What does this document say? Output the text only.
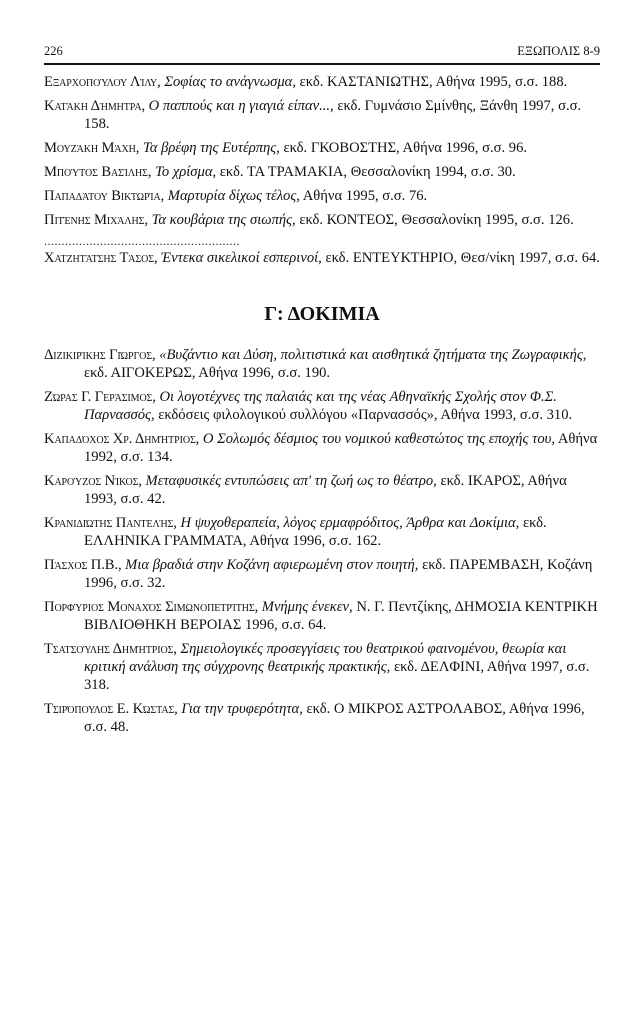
226	ΕΞΩΠΟΛΙΣ 8-9
Εξαρχοπούλου Λίλυ, Σοφίας το ανάγνωσμα, εκδ. ΚΑΣΤΑΝΙΩΤΗΣ, Αθήνα 1995, σ.σ. 188.
Κατάκη Δήμητρα, Ο παππούς και η γιαγιά είπαν..., εκδ. Γυμνάσιο Σμίνθης, Ξάνθη 1997, σ.σ. 158.
Μουζάκη Μάχη, Τα βρέφη της Ευτέρπης, εκδ. ΓΚΟΒΟΣΤΗΣ, Αθήνα 1996, σ.σ. 96.
Μπούτος Βασίλης, Το χρίσμα, εκδ. ΤΑ ΤΡΑΜΑΚΙΑ, Θεσσαλονίκη 1994, σ.σ. 30.
Παπαδάτου Βικτωρία, Μαρτυρία δίχως τέλος, Αθήνα 1995, σ.σ. 76.
Πιτένης Μιχάλης, Τα κουβάρια της σιωπής, εκδ. ΚΟΝΤΕΟΣ, Θεσσαλονίκη 1995, σ.σ. 126.
........................................................
Χατζητάτσης Τάσος, Έντεκα σικελικοί εσπερινοί, εκδ. ΕΝΤΕΥΚΤΗΡΙΟ, Θεσ/νίκη 1997, σ.σ. 64.
Γ: ΔΟΚΙΜΙΑ
Διζικιρίκης Γιώργος, «Βυζάντιο και Δύση, πολιτιστικά και αισθητικά ζητήματα της Ζωγραφικής, εκδ. ΑΙΓΟΚΕΡΩΣ, Αθήνα 1996, σ.σ. 190.
Ζώρας Γ. Γεράσιμος, Οι λογοτέχνες της παλαιάς και της νέας Αθηναϊκής Σχολής στον Φ.Σ. Παρνασσός, εκδόσεις φιλολογικού συλλόγου «Παρνασσός», Αθήνα 1993, σ.σ. 310.
Καπαδόχος Χρ. Δημήτριος, Ο Σολωμός δέσμιος του νομικού καθεστώτος της εποχής του, Αθήνα 1992, σ.σ. 134.
Καρούζος Νίκος, Μεταφυσικές εντυπώσεις απ' τη ζωή ως το θέατρο, εκδ. ΙΚΑΡΟΣ, Αθήνα 1993, σ.σ. 42.
Κρανιδιώτης Παντελής, Η ψυχοθεραπεία, λόγος ερμαφρόδιτος, Άρθρα και Δοκίμια, εκδ. ΕΛΛΗΝΙΚΑ ΓΡΑΜΜΑΤΑ, Αθήνα 1996, σ.σ. 162.
Πάσχος Π.Β., Μια βραδιά στην Κοζάνη αφιερωμένη στον ποιητή, εκδ. ΠΑΡΕΜΒΑΣΗ, Κοζάνη 1996, σ.σ. 32.
Πορφύριος Μοναχός Σιμωνοπετρίτης, Μνήμης ένεκεν, Ν. Γ. Πεντζίκης, ΔΗΜΟΣΙΑ ΚΕΝΤΡΙΚΗ ΒΙΒΛΙΟΘΗΚΗ ΒΕΡΟΙΑΣ 1996, σ.σ. 64.
Τσατσούλης Δημήτριος, Σημειολογικές προσεγγίσεις του θεατρικού φαινομένου, θεωρία και κριτική ανάλυση της σύγχρονης θεατρικής πρακτικής, εκδ. ΔΕΛΦΙΝΙ, Αθήνα 1997, σ.σ. 318.
Τσιρόπουλος Ε. Κώστας, Για την τρυφερότητα, εκδ. Ο ΜΙΚΡΟΣ ΑΣΤΡΟΛΑΒΟΣ, Αθήνα 1996, σ.σ. 48.
